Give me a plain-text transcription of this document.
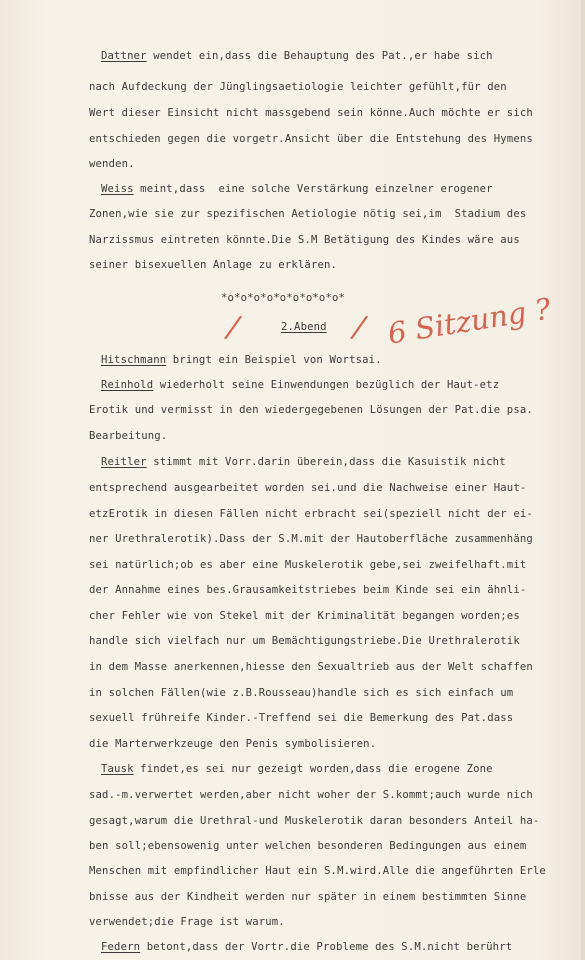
Dattner wendet ein,dass die Behauptung des Pat.,er habe sich
nach Aufdeckung der Jünglingsaetiologie leichter gefühlt,für den
Wert dieser Einsicht nicht massgebend sein könne.Auch möchte er sich
entschieden gegen die vorgetr.Ansicht über die Entstehung des Hymens
wenden.
Weiss meint,dass  eine solche Verstärkung einzelner erogener
Zonen,wie sie zur spezifischen Aetiologie nötig sei,im  Stadium des
Narzissmus eintreten könnte.Die S.M Betätigung des Kindes wäre aus
seiner bisexuellen Anlage zu erklären.
*o*o*o*o*o*o*o*o*o*
/	2.Abend / 6 Sitzung ?
Hitschmann bringt ein Beispiel von Wortsai.
Reinhold wiederholt seine Einwendungen bezüglich der Haut-etz
Erotik und vermisst in den wiedergegebenen Lösungen der Pat.die psa.
Bearbeitung.
Reitler stimmt mit Vorr.darin überein,dass die Kasuistik nicht
entsprechend ausgearbeitet worden sei.und die Nachweise einer Haut-
etzErotik in diesen Fällen nicht erbracht sei(speziell nicht der ei-
ner Urethralerotik).Dass der S.M.mit der Hautoberfläche zusammenhäng
sei natürlich;ob es aber eine Muskelerotik gebe,sei zweifelhaft.mit
der Annahme eines bes.Grausamkeitstriebes beim Kinde sei ein ähnli-
cher Fehler wie von Stekel mit der Kriminalität begangen worden;es
handle sich vielfach nur um Bemächtigungstriebe.Die Urethralerotik
in dem Masse anerkennen,hiesse den Sexualtrieb aus der Welt schaffen
in solchen Fällen(wie z.B.Rousseau)handle sich es sich einfach um
sexuell frühreife Kinder.-Treffend sei die Bemerkung des Pat.dass
die Marterwerkzeuge den Penis symbolisieren.
Tausk findet,es sei nur gezeigt worden,dass die erogene Zone
sad.-m.verwertet werden,aber nicht woher der S.kommt;auch wurde nich
gesagt,warum die Urethral-und Muskelerotik daran besonders Anteil ha-
ben soll;ebensowenig unter welchen besonderen Bedingungen aus einem
Menschen mit empfindlicher Haut ein S.M.wird.Alle die angeführten Erle
bnisse aus der Kindheit werden nur später in einem bestimmten Sinne
verwendet;die Frage ist warum.
Federn betont,dass der Vortr.die Probleme des S.M.nicht berührt
